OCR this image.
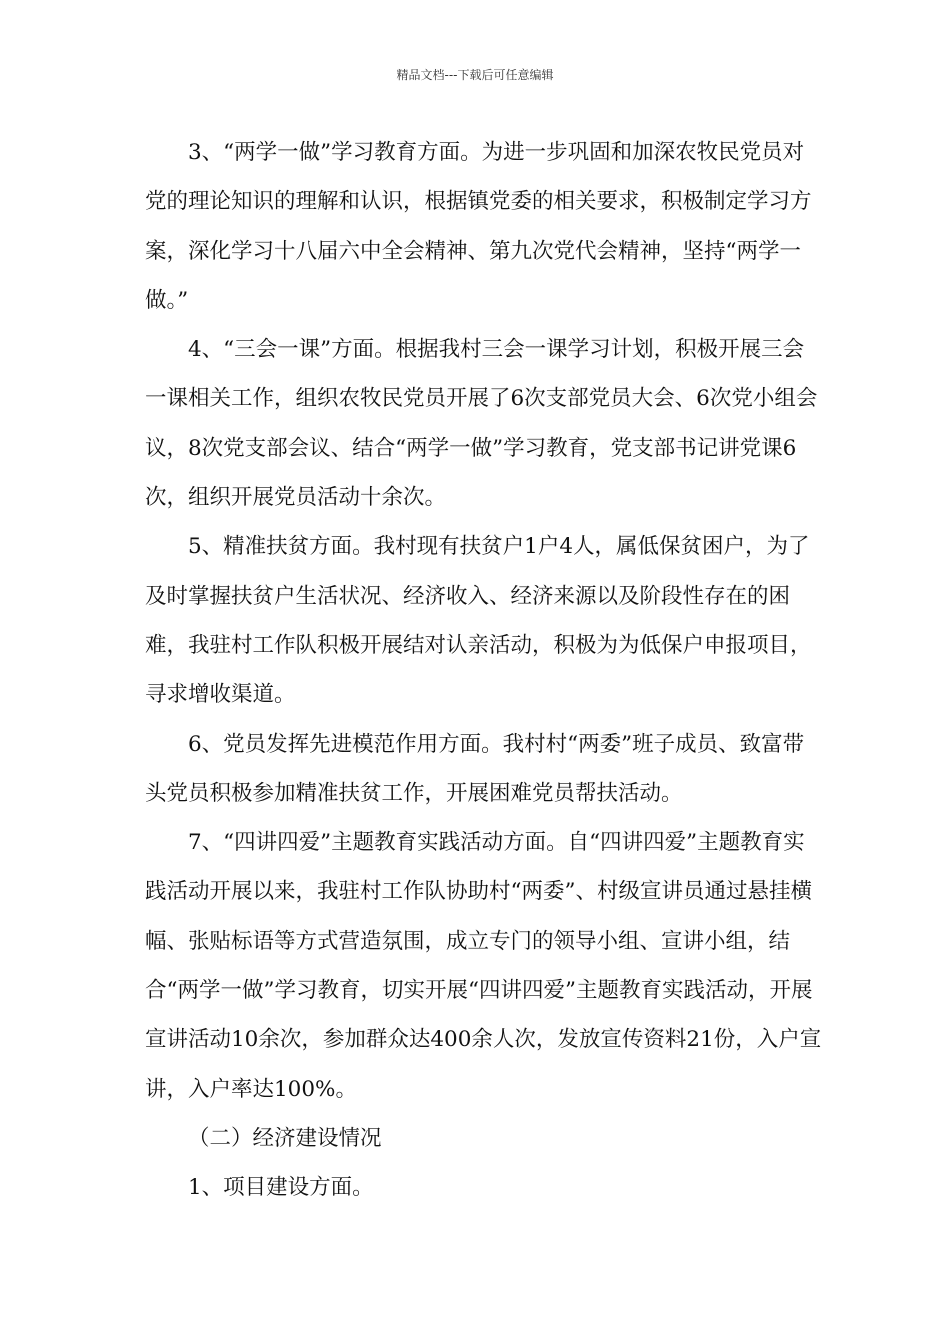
精品文档---下载后可任意编辑

3、“两学一做”学习教育方面。为进一步巩固和加深农牧民党员对党的理论知识的理解和认识，根据镇党委的相关要求，积极制定学习方案，深化学习十八届六中全会精神、第九次党代会精神，坚持“两学一做。”

4、“三会一课”方面。根据我村三会一课学习计划，积极开展三会一课相关工作，组织农牧民党员开展了6次支部党员大会、6次党小组会议，8次党支部会议、结合“两学一做”学习教育，党支部书记讲党课6次，组织开展党员活动十余次。

5、精准扶贫方面。我村现有扶贫户1户4人，属低保贫困户，为了及时掌握扶贫户生活状况、经济收入、经济来源以及阶段性存在的困难，我驻村工作队积极开展结对认亲活动，积极为为低保户申报项目，寻求增收渠道。

6、党员发挥先进模范作用方面。我村村“两委”班子成员、致富带头党员积极参加精准扶贫工作，开展困难党员帮扶活动。

7、“四讲四爱”主题教育实践活动方面。自“四讲四爱”主题教育实践活动开展以来，我驻村工作队协助村“两委”、村级宣讲员通过悬挂横幅、张贴标语等方式营造氛围，成立专门的领导小组、宣讲小组，结合“两学一做”学习教育，切实开展“四讲四爱”主题教育实践活动，开展宣讲活动10余次，参加群众达400余人次，发放宣传资料21份，入户宣讲，入户率达100%。

（二）经济建设情况

1、项目建设方面。
